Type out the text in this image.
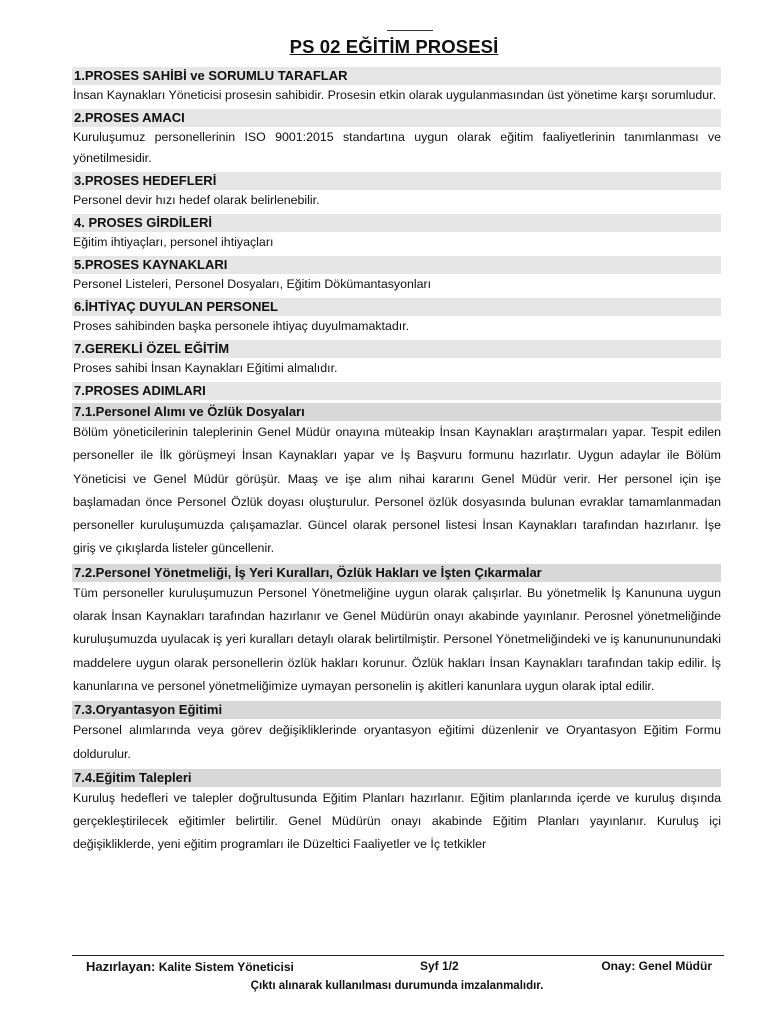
PS 02 EĞİTİM PROSESİ
1.PROSES SAHİBİ ve SORUMLU TARAFLAR

İnsan Kaynakları Yöneticisi prosesin sahibidir. Prosesin etkin olarak uygulanmasından üst yönetime karşı sorumludur.

2.PROSES AMACI

Kuruluşumuz personellerinin ISO 9001:2015 standartına uygun olarak eğitim faaliyetlerinin tanımlanması ve yönetilmesidir.

3.PROSES HEDEFLERİ

Personel devir hızı hedef olarak belirlenebilir.

4. PROSES GİRDİLERİ

Eğitim ihtiyaçları, personel ihtiyaçları

5.PROSES KAYNAKLARI

Personel Listeleri, Personel Dosyaları, Eğitim Dökümantasyonları

6.İHTİYAÇ DUYULAN PERSONEL

Proses sahibinden başka personele ihtiyaç duyulmamaktadır.

7.GEREKLİ ÖZEL EĞİTİM

Proses sahibi İnsan Kaynakları Eğitimi almalıdır.

7.PROSES ADIMLARI
7.1.Personel Alımı ve Özlük Dosyaları

Bölüm yöneticilerinin taleplerinin Genel Müdür onayına müteakip İnsan Kaynakları araştırmaları yapar. Tespit edilen personeller ile İlk görüşmeyi İnsan Kaynakları yapar ve İş Başvuru formunu hazırlatır. Uygun adaylar ile Bölüm Yöneticisi ve Genel Müdür görüşür. Maaş ve işe alım nihai kararını Genel Müdür verir. Her personel için işe başlamadan önce Personel Özlük doyası oluşturulur. Personel özlük dosyasında bulunan evraklar tamamlanmadan personeller kuruluşumuzda çalışamazlar. Güncel olarak personel listesi İnsan Kaynakları tarafından hazırlanır. İşe giriş ve çıkışlarda listeler güncellenir.

7.2.Personel Yönetmeliği, İş Yeri Kuralları, Özlük Hakları ve İşten Çıkarmalar

Tüm personeller kuruluşumuzun Personel Yönetmeliğine uygun olarak çalışırlar. Bu yönetmelik İş Kanununa uygun olarak İnsan Kaynakları tarafından hazırlanır ve Genel Müdürün onayı akabinde yayınlanır. Perosnel yönetmeliğinde kuruluşumuzda uyulacak iş yeri kuralları detaylı olarak belirtilmiştir. Personel Yönetmeliğindeki ve iş kanunununundaki maddelere uygun olarak personellerin özlük hakları korunur. Özlük hakları İnsan Kaynakları tarafından takip edilir. İş kanunlarına ve personel yönetmeliğimize uymayan personelin iş akitleri kanunlara uygun olarak iptal edilir.

7.3.Oryantasyon Eğitimi

Personel alımlarında veya görev değişikliklerinde oryantasyon eğitimi düzenlenir ve Oryantasyon Eğitim Formu doldurulur.

7.4.Eğitim Talepleri

Kuruluş hedefleri ve talepler doğrultusunda Eğitim Planları hazırlanır. Eğitim planlarında içerde ve kuruluş dışında gerçekleştirilecek eğitimler belirtilir. Genel Müdürün onayı akabinde Eğitim Planları yayınlanır. Kuruluş içi değişikliklerde, yeni eğitim programları ile Düzeltici Faaliyetler ve İç tetkikler

Hazırlayan: Kalite Sistem Yöneticisi	Syf 1/2	Onay: Genel Müdür
Çıktı alınarak kullanılması durumunda imzalanmalıdır.
